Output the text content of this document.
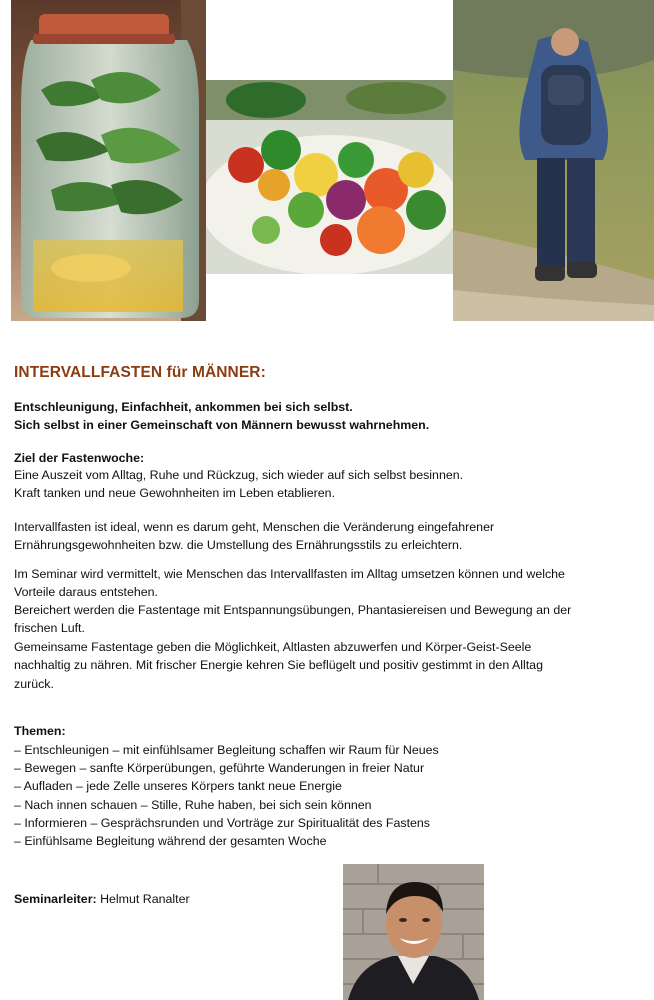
INTERVALLFASTEN für MÄNNER:

Entschleunigung, Einfachheit, ankommen bei sich selbst.

Sich selbst in einer Gemeinschaft von Männern bewusst wahrnehmen.

Ziel der Fastenwoche:

Eine Auszeit vom Alltag, Ruhe und Rückzug, sich wieder auf sich selbst besinnen.

Kraft tanken und neue Gewohnheiten im Leben etablieren.

Intervallfasten ist ideal, wenn es darum geht, Menschen die Veränderung eingefahrener

Ernährungsgewohnheiten bzw. die Umstellung des Ernährungsstils zu erleichtern.

Im Seminar wird vermittelt, wie Menschen das Intervallfasten im Alltag umsetzen können und welche

Vorteile daraus entstehen.

Bereichert werden die Fastentage mit Entspannungsübungen, Phantasiereisen und Bewegung an der

frischen Luft.

Gemeinsame Fastentage geben die Möglichkeit, Altlasten abzuwerfen und Körper-Geist-Seele

nachhaltig zu nähren. Mit frischer Energie kehren Sie beflügelt und positiv gestimmt in den Alltag

zurück.

Themen:

– Entschleunigen – mit einfühlsamer Begleitung schaffen wir Raum für Neues

– Bewegen – sanfte Körperübungen, geführte Wanderungen in freier Natur

– Aufladen – jede Zelle unseres Körpers tankt neue Energie

– Nach innen schauen – Stille, Ruhe haben, bei sich sein können

– Informieren – Gesprächsrunden und Vorträge zur Spiritualität des Fastens

– Einfühlsame Begleitung während der gesamten Woche

Seminarleiter: Helmut Ranalter
